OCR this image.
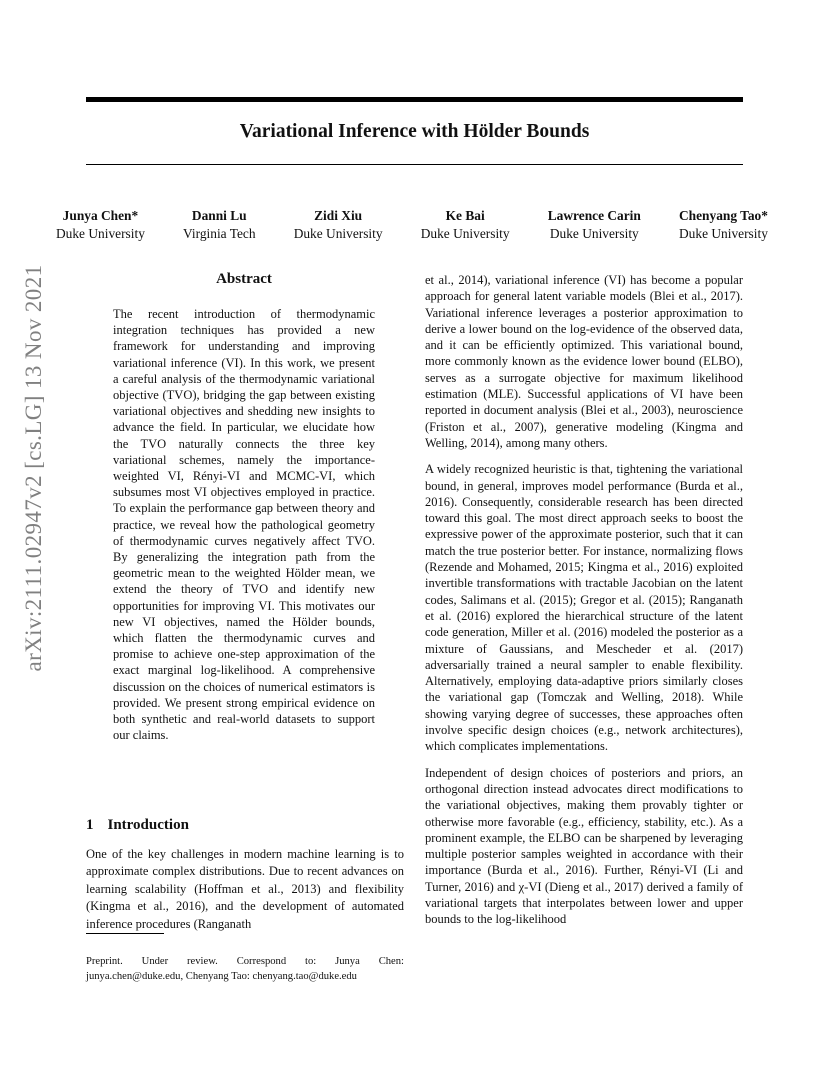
Variational Inference with Hölder Bounds
arXiv:2111.02947v2 [cs.LG] 13 Nov 2021
Junya Chen*
Duke University
Danni Lu
Virginia Tech
Zidi Xiu
Duke University
Ke Bai
Duke University
Lawrence Carin
Duke University
Chenyang Tao*
Duke University
Abstract
The recent introduction of thermodynamic integration techniques has provided a new framework for understanding and improving variational inference (VI). In this work, we present a careful analysis of the thermodynamic variational objective (TVO), bridging the gap between existing variational objectives and shedding new insights to advance the field. In particular, we elucidate how the TVO naturally connects the three key variational schemes, namely the importance-weighted VI, Rényi-VI and MCMC-VI, which subsumes most VI objectives employed in practice. To explain the performance gap between theory and practice, we reveal how the pathological geometry of thermodynamic curves negatively affect TVO. By generalizing the integration path from the geometric mean to the weighted Hölder mean, we extend the theory of TVO and identify new opportunities for improving VI. This motivates our new VI objectives, named the Hölder bounds, which flatten the thermodynamic curves and promise to achieve one-step approximation of the exact marginal log-likelihood. A comprehensive discussion on the choices of numerical estimators is provided. We present strong empirical evidence on both synthetic and real-world datasets to support our claims.
1 Introduction
One of the key challenges in modern machine learning is to approximate complex distributions. Due to recent advances on learning scalability (Hoffman et al., 2013) and flexibility (Kingma et al., 2016), and the development of automated inference procedures (Ranganath
Preprint. Under review. Correspond to: Junya Chen: junya.chen@duke.edu, Chenyang Tao: chenyang.tao@duke.edu

et al., 2014), variational inference (VI) has become a popular approach for general latent variable models (Blei et al., 2017). Variational inference leverages a posterior approximation to derive a lower bound on the log-evidence of the observed data, and it can be efficiently optimized. This variational bound, more commonly known as the evidence lower bound (ELBO), serves as a surrogate objective for maximum likelihood estimation (MLE). Successful applications of VI have been reported in document analysis (Blei et al., 2003), neuroscience (Friston et al., 2007), generative modeling (Kingma and Welling, 2014), among many others.

A widely recognized heuristic is that, tightening the variational bound, in general, improves model performance (Burda et al., 2016). Consequently, considerable research has been directed toward this goal. The most direct approach seeks to boost the expressive power of the approximate posterior, such that it can match the true posterior better. For instance, normalizing flows (Rezende and Mohamed, 2015; Kingma et al., 2016) exploited invertible transformations with tractable Jacobian on the latent codes, Salimans et al. (2015); Gregor et al. (2015); Ranganath et al. (2016) explored the hierarchical structure of the latent code generation, Miller et al. (2016) modeled the posterior as a mixture of Gaussians, and Mescheder et al. (2017) adversarially trained a neural sampler to enable flexibility. Alternatively, employing data-adaptive priors similarly closes the variational gap (Tomczak and Welling, 2018). While showing varying degree of successes, these approaches often involve specific design choices (e.g., network architectures), which complicates implementations.

Independent of design choices of posteriors and priors, an orthogonal direction instead advocates direct modifications to the variational objectives, making them provably tighter or otherwise more favorable (e.g., efficiency, stability, etc.). As a prominent example, the ELBO can be sharpened by leveraging multiple posterior samples weighted in accordance with their importance (Burda et al., 2016). Further, Rényi-VI (Li and Turner, 2016) and χ-VI (Dieng et al., 2017) derived a family of variational targets that interpolates between lower and upper bounds to the log-likelihood
